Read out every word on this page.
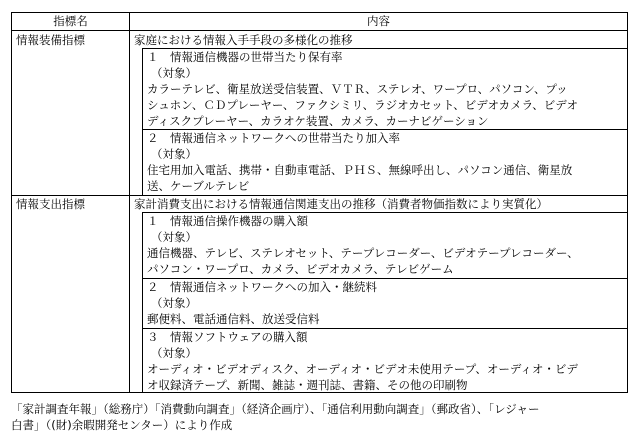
指標名	内容
情報装備指標	家庭における情報入手手段の多様化の推移
１　情報通信機器の世帯当たり保有率
（対象）
カラーテレビ、衛星放送受信装置、ＶＴＲ、ステレオ、ワープロ、パソコン、プッ
シュホン、ＣＤプレーヤー、ファクシミリ、ラジオカセット、ビデオカメラ、ビデオ
ディスクプレーヤー、カラオケ装置、カメラ、カーナビゲーション
２　情報通信ネットワークへの世帯当たり加入率
（対象）
住宅用加入電話、携帯・自動車電話、ＰＨＳ、無線呼出し、パソコン通信、衛星放
送、ケーブルテレビ
情報支出指標	家計消費支出における情報通信関連支出の推移（消費者物価指数により実質化）
１　情報通信操作機器の購入額
（対象）
通信機器、テレビ、ステレオセット、テープレコーダー、ビデオテープレコーダー、
パソコン・ワープロ、カメラ、ビデオカメラ、テレビゲーム
２　情報通信ネットワークへの加入・継続料
（対象）
郵便料、電話通信料、放送受信料
３　情報ソフトウェアの購入額
（対象）
オーディオ・ビデオディスク、オーディオ・ビデオ未使用テープ、オーディオ・ビデ
オ収録済テープ、新聞、雑誌・週刊誌、書籍、その他の印刷物
「家計調査年報」（総務庁）「消費動向調査」（経済企画庁）、「通信利用動向調査」（郵政省）、「レジャー
白書」（(財)余暇開発センター）により作成
